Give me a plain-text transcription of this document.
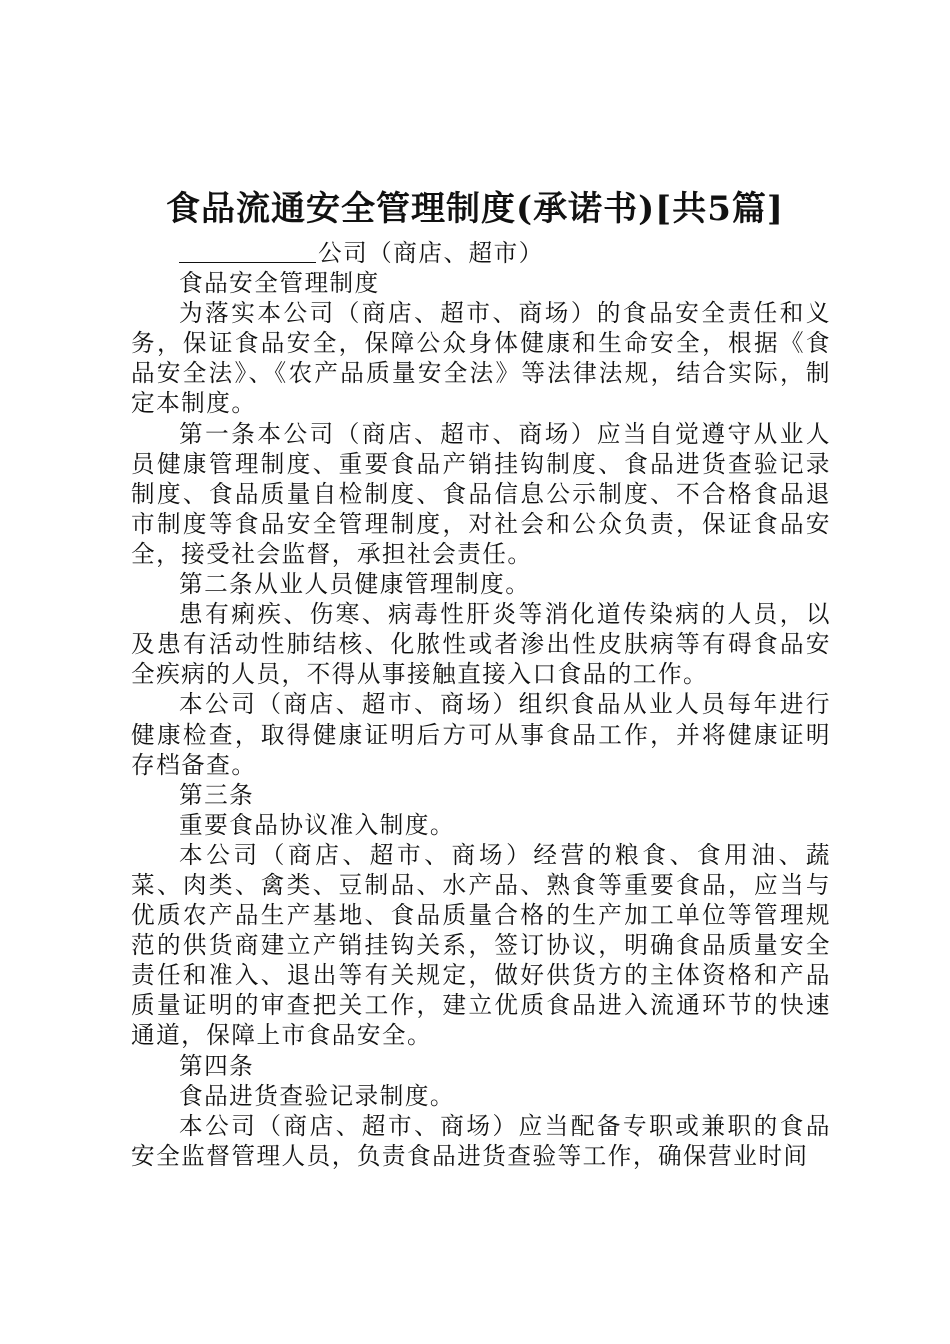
食品流通安全管理制度(承诺书)[共5篇]

公司（商店、超市）

食品安全管理制度

为落实本公司（商店、超市、商场）的食品安全责任和义务，保证食品安全，保障公众身体健康和生命安全，根据《食品安全法》、《农产品质量安全法》等法律法规，结合实际，制定本制度。

第一条本公司（商店、超市、商场）应当自觉遵守从业人员健康管理制度、重要食品产销挂钩制度、食品进货查验记录制度、食品质量自检制度、食品信息公示制度、不合格食品退市制度等食品安全管理制度，对社会和公众负责，保证食品安全，接受社会监督，承担社会责任。

第二条从业人员健康管理制度。

患有痢疾、伤寒、病毒性肝炎等消化道传染病的人员，以及患有活动性肺结核、化脓性或者渗出性皮肤病等有碍食品安全疾病的人员，不得从事接触直接入口食品的工作。

本公司（商店、超市、商场）组织食品从业人员每年进行健康检查，取得健康证明后方可从事食品工作，并将健康证明存档备查。

第三条

重要食品协议准入制度。

本公司（商店、超市、商场）经营的粮食、食用油、蔬菜、肉类、禽类、豆制品、水产品、熟食等重要食品，应当与优质农产品生产基地、食品质量合格的生产加工单位等管理规范的供货商建立产销挂钩关系，签订协议，明确食品质量安全责任和准入、退出等有关规定，做好供货方的主体资格和产品质量证明的审查把关工作，建立优质食品进入流通环节的快速通道，保障上市食品安全。

第四条

食品进货查验记录制度。

本公司（商店、超市、商场）应当配备专职或兼职的食品安全监督管理人员，负责食品进货查验等工作，确保营业时间
